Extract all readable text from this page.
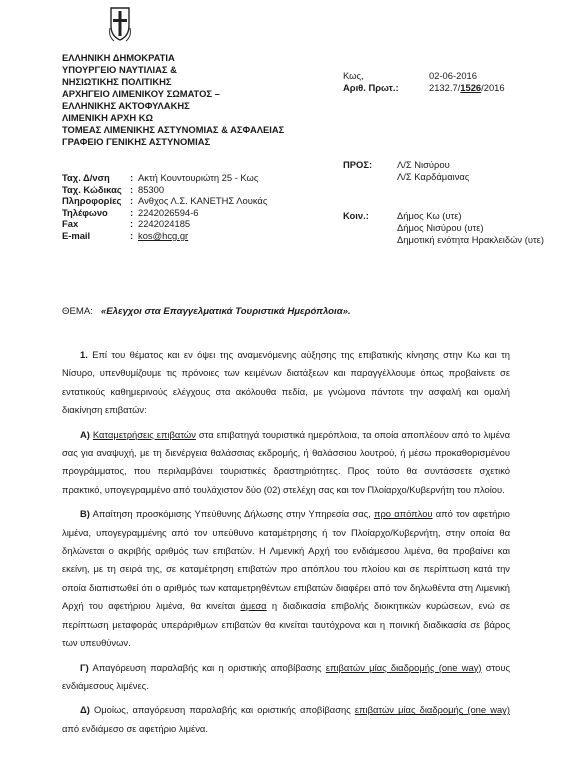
ΕΛΛΗΝΙΚΗ ΔΗΜΟΚΡΑΤΙΑ
ΥΠΟΥΡΓΕΙΟ ΝΑΥΤΙΛΙΑΣ &
ΝΗΣΙΩΤΙΚΗΣ ΠΟΛΙΤΙΚΗΣ
ΑΡΧΗΓΕΙΟ ΛΙΜΕΝΙΚΟΥ ΣΩΜΑΤΟΣ –
ΕΛΛΗΝΙΚΗΣ ΑΚΤΟΦΥΛΑΚΗΣ
ΛΙΜΕΝΙΚΗ ΑΡΧΗ ΚΩ
ΤΟΜΕΑΣ ΛΙΜΕΝΙΚΗΣ ΑΣΤΥΝΟΜΙΑΣ & ΑΣΦΑΛΕΙΑΣ
ΓΡΑΦΕΙΟ ΓΕΝΙΚΗΣ ΑΣΤΥΝΟΜΙΑΣ
Ταχ. Δ/νση	: Ακτή Κουντουριώτη 25 - Κως
Ταχ. Κώδικας : 85300
Πληροφορίες : Ανθχος Λ.Σ. ΚΑΝΕΤΗΣ Λουκάς
Τηλέφωνο	: 2242026594-6
Fax	: 2242024185
E-mail	: kos@hcg.gr
Κως,	02-06-2016
Αριθ. Πρωτ.:	2132.7/1526/2016
ΠΡΟΣ:	Λ/Σ Νισύρου
Λ/Σ Καρδάμαινας
Κοιν.:	Δήμος Κω (υτε)
Δήμος Νισύρου (υτε)
Δημοτική ενότητα Ηρακλειδών (υτε)
ΘΕΜΑ: «Ελεγχοι στα Επαγγελματικά Τουριστικά Ημερόπλοια».

1. Επί του θέματος και εν όψει της αναμενόμενης αύξησης της επιβατικής κίνησης στην Κω και τη Νίσυρο, υπενθυμίζουμε τις πρόνοιες των κειμένων διατάξεων και παραγγέλλουμε όπως προβαίνετε σε εντατικούς καθημερινούς ελέγχους στα ακόλουθα πεδία, με γνώμονα πάντοτε την ασφαλή και ομαλή διακίνηση επιβατών:

Α) Καταμετρήσεις επιβατών στα επιβατηγά τουριστικά ημερόπλοια, τα οποία αποπλέουν από το λιμένα σας για αναψυχή, με τη διενέργεια θαλάσσιας εκδρομής, ή θαλάσσιου λουτρού, ή μέσω προκαθορισμένου προγράμματος, που περιλαμβάνει τουριστικές δραστηριότητες. Προς τούτο θα συντάσσετε σχετικό πρακτικό, υπογεγραμμένο από τουλάχιστον δύο (02) στελέχη σας και τον Πλοίαρχο/Κυβερνήτη του πλοίου.

Β) Απαίτηση προσκόμισης Υπεύθυνης Δήλωσης στην Υπηρεσία σας, προ απόπλου από τον αφετήριο λιμένα, υπογεγραμμένης από τον υπεύθυνο καταμέτρησης ή τον Πλοίαρχο/Κυβερνήτη, στην οποία θα δηλώνεται ο ακριβής αριθμός των επιβατών. Η Λιμενική Αρχή του ενδιάμεσου λιμένα, θα προβαίνει και εκείνη, με τη σειρά της, σε καταμέτρηση επιβατών προ απόπλου του πλοίου και σε περίπτωση κατά την οποία διαπιστωθεί ότι ο αριθμός των καταμετρηθέντων επιβατών διαφέρει από τον δηλωθέντα στη Λιμενική Αρχή του αφετήριου λιμένα, θα κινείται άμεσα η διαδικασία επιβολής διοικητικών κυρώσεων, ενώ σε περίπτωση μεταφοράς υπεράριθμων επιβατών θα κινείται ταυτόχρονα και η ποινική διαδικασία σε βάρος των υπευθύνων.

Γ) Απαγόρευση παραλαβής και η οριστικής αποβίβασης επιβατών μίας διαδρομής (one way) στους ενδιάμεσους λιμένες.

Δ) Ομοίως, απαγόρευση παραλαβής και οριστικής αποβίβασης επιβατών μίας διαδρομής (one way) από ενδιάμεσο σε αφετήριο λιμένα.
